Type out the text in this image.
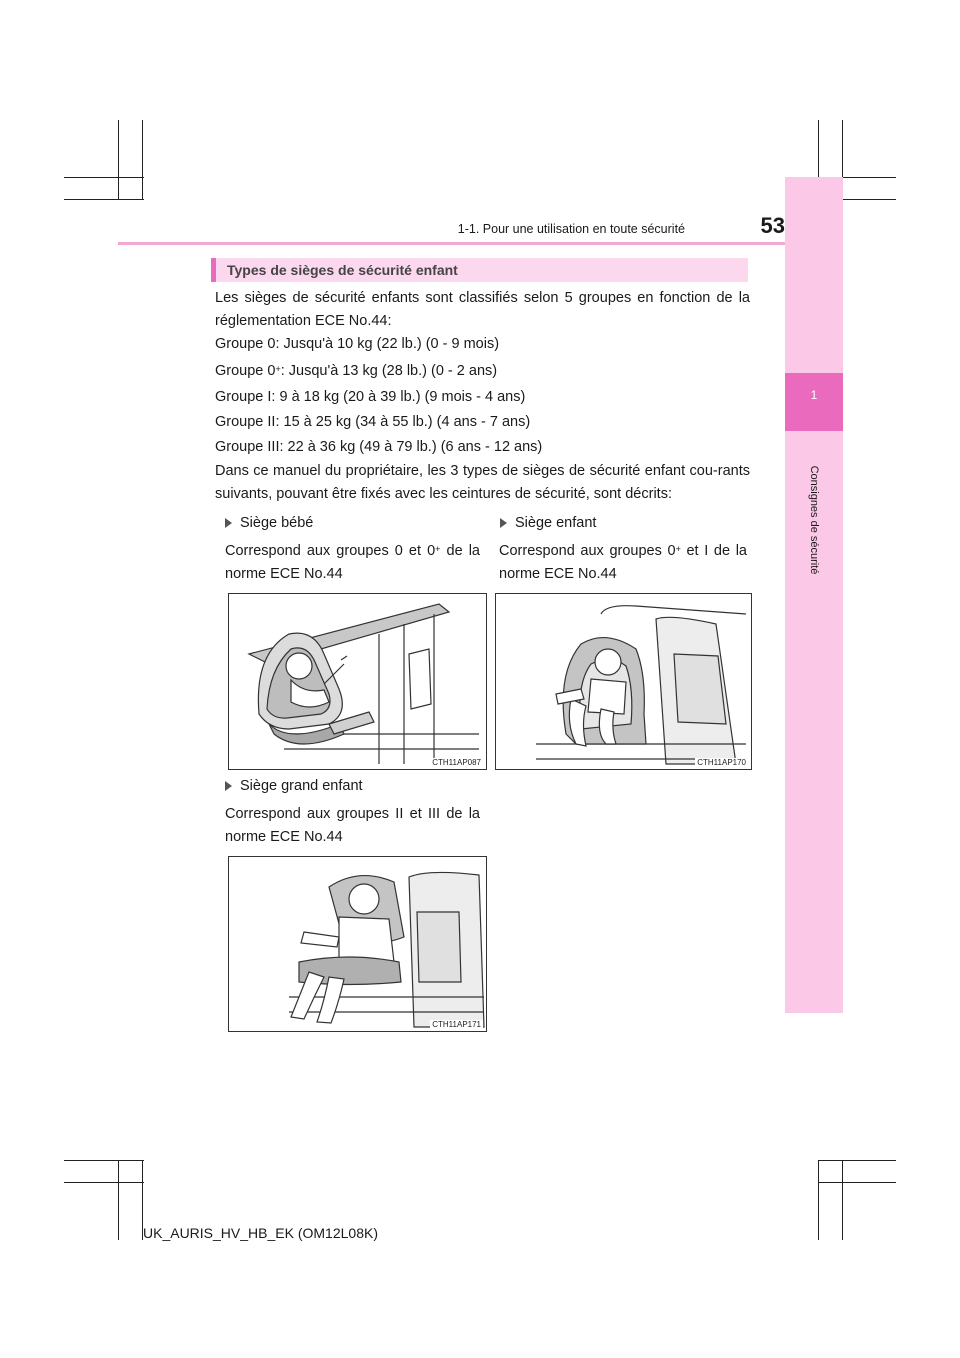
1
Consignes de sécurité
1-1. Pour une utilisation en toute sécurité	53
Types de sièges de sécurité enfant
Les sièges de sécurité enfants sont classifiés selon 5 groupes en fonction de la réglementation ECE No.44:
Groupe 0: Jusqu'à 10 kg (22 lb.) (0 - 9 mois)
Groupe 0+: Jusqu'à 13 kg (28 lb.) (0 - 2 ans)
Groupe I: 9 à 18 kg (20 à 39 lb.) (9 mois - 4 ans)
Groupe II: 15 à 25 kg (34 à 55 lb.) (4 ans - 7 ans)
Groupe III: 22 à 36 kg (49 à 79 lb.) (6 ans - 12 ans)
Dans ce manuel du propriétaire, les 3 types de sièges de sécurité enfant cou-rants suivants, pouvant être fixés avec les ceintures de sécurité, sont décrits:
Siège bébé
Correspond aux groupes 0 et 0+ de la norme ECE No.44
Siège enfant
Correspond aux groupes 0+ et I de la norme ECE No.44
CTH11AP087	CTH11AP170
Siège grand enfant
Correspond aux groupes II et III de la norme ECE No.44
CTH11AP171
UK_AURIS_HV_HB_EK (OM12L08K)
